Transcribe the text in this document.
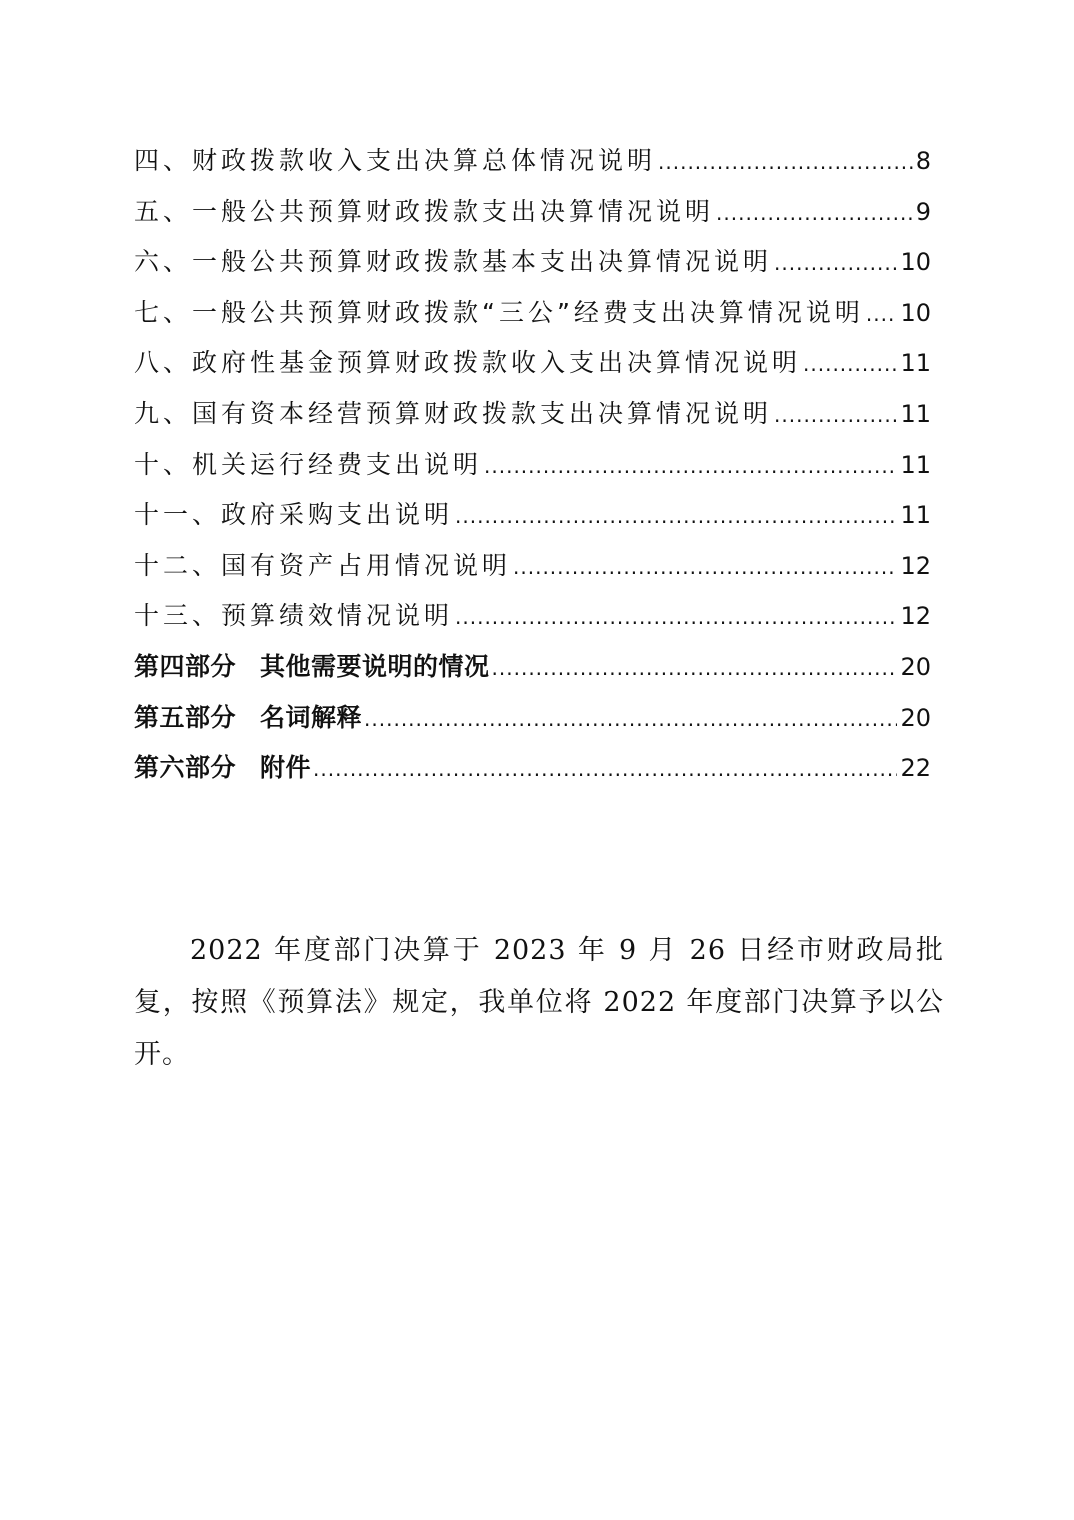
四、财政拨款收入支出决算总体情况说明 .....	8
五、一般公共预算财政拨款支出决算情况说明 .....	9
六、一般公共预算财政拨款基本支出决算情况说明 .....	10
七、一般公共预算财政拨款“三公”经费支出决算情况说明 ..... 10
八、政府性基金预算财政拨款收入支出决算情况说明 .....	11
九、国有资本经营预算财政拨款支出决算情况说明 .....	11
十、机关运行经费支出说明 .....	11
十一、政府采购支出说明 .....	11
十二、国有资产占用情况说明 .....	12
十三、预算绩效情况说明 .....	12
第四部分 其他需要说明的情况 .....	20
第五部分 名词解释 .....	20
第六部分 附件 .....	22

2022 年度部门决算于 2023 年 9 月 26 日经市财政局批复，按照《预算法》规定，我单位将 2022 年度部门决算予以公开。
